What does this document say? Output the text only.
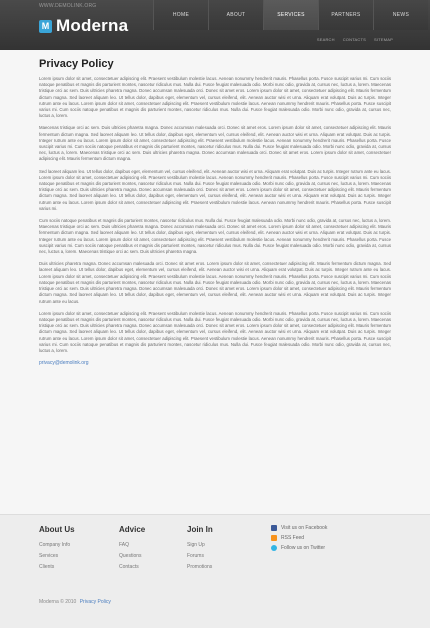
WWW.DEMOLINK.ORG
M Moderna
HOME	ABOUT	SERVICES	PARTNERS	NEWS
SEARCH CONTACTS SITEMAP
Privacy Policy

Lorem ipsum dolor sit amet, consectetuer adipiscing elit. Praesent vestibulum molestie lacus. Aenean nonummy hendrerit mauris. Phasellus porta. Fusce suscipit varius mi. Cum sociis natoque penatibus et magnis dis parturient montes, nascetur ridiculus mus. Nulla dui. Fusce feugiat malesuada odio. Morbi nunc odio, gravida at, cursus nec, luctus a, lorem. Maecenas tristique orci ac sem. Duis ultricies pharetra magna. Donec accumsan malesuada orci. Donec sit amet eros. Lorem ipsum dolor sit amet, consectetuer adipiscing elit. Mauris fermentum dictum magna. Sed laoreet aliquam leo. Ut tellus dolor, dapibus eget, elementum vel, cursus eleifend, elit. Aenean auctor wisi et urna. Aliquam erat volutpat. Duis ac turpis. Integer rutrum ante eu lacus. Lorem ipsum dolor sit amet, consectetuer adipiscing elit. Praesent vestibulum molestie lacus. Aenean nonummy hendrerit mauris. Phasellus porta. Fusce suscipit varius mi. Cum sociis natoque penatibus et magnis dis parturient montes, nascetur ridiculus mus. Nulla dui. Fusce feugiat malesuada odio. Morbi nunc odio, gravida at, cursus nec, luctus a, lorem.

Maecenas tristique orci ac sem. Duis ultricies pharetra magna. Donec accumsan malesuada orci. Donec sit amet eros. Lorem ipsum dolor sit amet, consectetuer adipiscing elit. Mauris fermentum dictum magna. Sed laoreet aliquam leo. Ut tellus dolor, dapibus eget, elementum vel, cursus eleifend, elit. Aenean auctor wisi et urna. Aliquam erat volutpat. Duis ac turpis. Integer rutrum ante eu lacus. Lorem ipsum dolor sit amet, consectetuer adipiscing elit. Praesent vestibulum molestie lacus. Aenean nonummy hendrerit mauris. Phasellus porta. Fusce suscipit varius mi. Cum sociis natoque penatibus et magnis dis parturient montes, nascetur ridiculus mus. Nulla dui. Fusce feugiat malesuada odio. Morbi nunc odio, gravida at, cursus nec, luctus a, lorem. Maecenas tristique orci ac sem. Duis ultricies pharetra magna. Donec accumsan malesuada orci. Donec sit amet eros. Lorem ipsum dolor sit amet, consectetuer adipiscing elit. Mauris fermentum dictum magna.

Sed laoreet aliquam leo. Ut tellus dolor, dapibus eget, elementum vel, cursus eleifend, elit. Aenean auctor wisi et urna. Aliquam erat volutpat. Duis ac turpis. Integer rutrum ante eu lacus. Lorem ipsum dolor sit amet, consectetuer adipiscing elit. Praesent vestibulum molestie lacus. Aenean nonummy hendrerit mauris. Phasellus porta. Fusce suscipit varius mi. Cum sociis natoque penatibus et magnis dis parturient montes, nascetur ridiculus mus. Nulla dui. Fusce feugiat malesuada odio. Morbi nunc odio, gravida at, cursus nec, luctus a, lorem. Maecenas tristique orci ac sem. Duis ultricies pharetra magna. Donec accumsan malesuada orci. Donec sit amet eros. Lorem ipsum dolor sit amet, consectetuer adipiscing elit. Mauris fermentum dictum magna. Sed laoreet aliquam leo. Ut tellus dolor, dapibus eget, elementum vel, cursus eleifend, elit. Aenean auctor wisi et urna. Aliquam erat volutpat. Duis ac turpis. Integer rutrum ante eu lacus. Lorem ipsum dolor sit amet, consectetuer adipiscing elit. Praesent vestibulum molestie lacus. Aenean nonummy hendrerit mauris. Phasellus porta. Fusce suscipit varius mi.

Cum sociis natoque penatibus et magnis dis parturient montes, nascetur ridiculus mus. Nulla dui. Fusce feugiat malesuada odio. Morbi nunc odio, gravida at, cursus nec, luctus a, lorem. Maecenas tristique orci ac sem. Duis ultricies pharetra magna. Donec accumsan malesuada orci. Donec sit amet eros. Lorem ipsum dolor sit amet, consectetuer adipiscing elit. Mauris fermentum dictum magna. Sed laoreet aliquam leo. Ut tellus dolor, dapibus eget, elementum vel, cursus eleifend, elit. Aenean auctor wisi et urna. Aliquam erat volutpat. Duis ac turpis. Integer rutrum ante eu lacus. Lorem ipsum dolor sit amet, consectetuer adipiscing elit. Praesent vestibulum molestie lacus. Aenean nonummy hendrerit mauris. Phasellus porta. Fusce suscipit varius mi. Cum sociis natoque penatibus et magnis dis parturient montes, nascetur ridiculus mus. Nulla dui. Fusce feugiat malesuada odio. Morbi nunc odio, gravida at, cursus nec, luctus a, lorem. Maecenas tristique orci ac sem. Duis ultricies pharetra magna.

Duis ultricies pharetra magna. Donec accumsan malesuada orci. Donec sit amet eros. Lorem ipsum dolor sit amet, consectetuer adipiscing elit. Mauris fermentum dictum magna. Sed laoreet aliquam leo. Ut tellus dolor, dapibus eget, elementum vel, cursus eleifend, elit. Aenean auctor wisi et urna. Aliquam erat volutpat. Duis ac turpis. Integer rutrum ante eu lacus. Lorem ipsum dolor sit amet, consectetuer adipiscing elit. Praesent vestibulum molestie lacus. Aenean nonummy hendrerit mauris. Phasellus porta. Fusce suscipit varius mi. Cum sociis natoque penatibus et magnis dis parturient montes, nascetur ridiculus mus. Nulla dui. Fusce feugiat malesuada odio. Morbi nunc odio, gravida at, cursus nec, luctus a, lorem. Maecenas tristique orci ac sem. Duis ultricies pharetra magna. Donec accumsan malesuada orci. Donec sit amet eros. Lorem ipsum dolor sit amet, consectetuer adipiscing elit. Mauris fermentum dictum magna. Sed laoreet aliquam leo. Ut tellus dolor, dapibus eget, elementum vel, cursus eleifend, elit. Aenean auctor wisi et urna. Aliquam erat volutpat. Duis ac turpis. Integer rutrum ante eu lacus.

Lorem ipsum dolor sit amet, consectetuer adipiscing elit. Praesent vestibulum molestie lacus. Aenean nonummy hendrerit mauris. Phasellus porta. Fusce suscipit varius mi. Cum sociis natoque penatibus et magnis dis parturient montes, nascetur ridiculus mus. Nulla dui. Fusce feugiat malesuada odio. Morbi nunc odio, gravida at, cursus nec, luctus a, lorem. Maecenas tristique orci ac sem. Duis ultricies pharetra magna. Donec accumsan malesuada orci. Donec sit amet eros. Lorem ipsum dolor sit amet, consectetuer adipiscing elit. Mauris fermentum dictum magna. Sed laoreet aliquam leo. Ut tellus dolor, dapibus eget, elementum vel, cursus eleifend, elit. Aenean auctor wisi et urna. Aliquam erat volutpat. Duis ac turpis. Integer rutrum ante eu lacus. Lorem ipsum dolor sit amet, consectetuer adipiscing elit. Praesent vestibulum molestie lacus. Aenean nonummy hendrerit mauris. Phasellus porta. Fusce suscipit varius mi. Cum sociis natoque penatibus et magnis dis parturient montes, nascetur ridiculus mus. Nulla dui. Fusce feugiat malesuada odio. Morbi nunc odio, gravida at, cursus nec, luctus a, lorem.

privacy@demolink.org
About Us
Company Info
Services
Clients
Advice
FAQ
Questions
Contacts
Join In
Sign Up
Forums
Promotions
Visit us on Facebook
RSS Feed
Follow us on Twitter
Moderna © 2010 Privacy Policy
